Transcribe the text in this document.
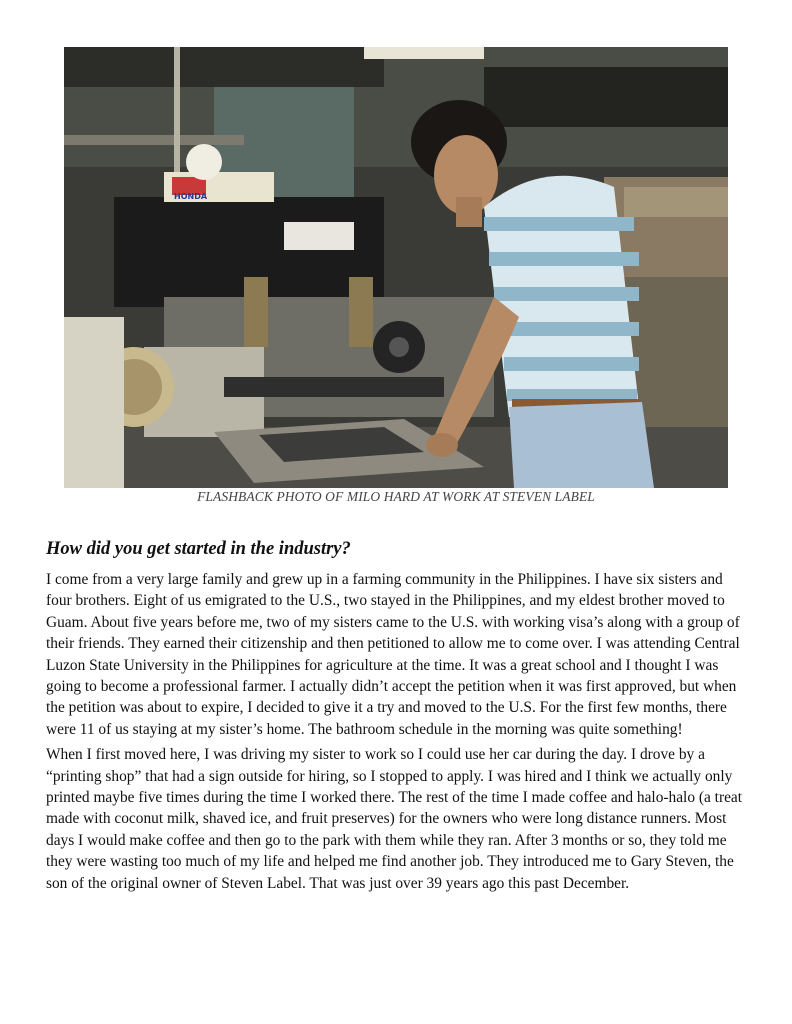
HONDA
FLASHBACK PHOTO OF MILO HARD AT WORK AT STEVEN LABEL
How did you get started in the industry?

I come from a very large family and grew up in a farming community in the Philippines. I have six sisters and four brothers. Eight of us emigrated to the U.S., two stayed in the Philippines, and my eldest brother moved to Guam. About five years before me, two of my sisters came to the U.S. with working visa’s along with a group of their friends. They earned their citizenship and then petitioned to allow me to come over. I was attending Central Luzon State University in the Philippines for agriculture at the time. It was a great school and I thought I was going to become a professional farmer. I actually didn’t accept the petition when it was first approved, but when the petition was about to expire, I decided to give it a try and moved to the U.S. For the first few months, there were 11 of us staying at my sister’s home. The bathroom schedule in the morning was quite something!

When I first moved here, I was driving my sister to work so I could use her car during the day. I drove by a “printing shop” that had a sign outside for hiring, so I stopped to apply. I was hired and I think we actually only printed maybe five times during the time I worked there. The rest of the time I made coffee and halo-halo (a treat made with coconut milk, shaved ice, and fruit preserves) for the owners who were long distance runners. Most days I would make coffee and then go to the park with them while they ran. After 3 months or so, they told me they were wasting too much of my life and helped me find another job. They introduced me to Gary Steven, the son of the original owner of Steven Label. That was just over 39 years ago this past December.
